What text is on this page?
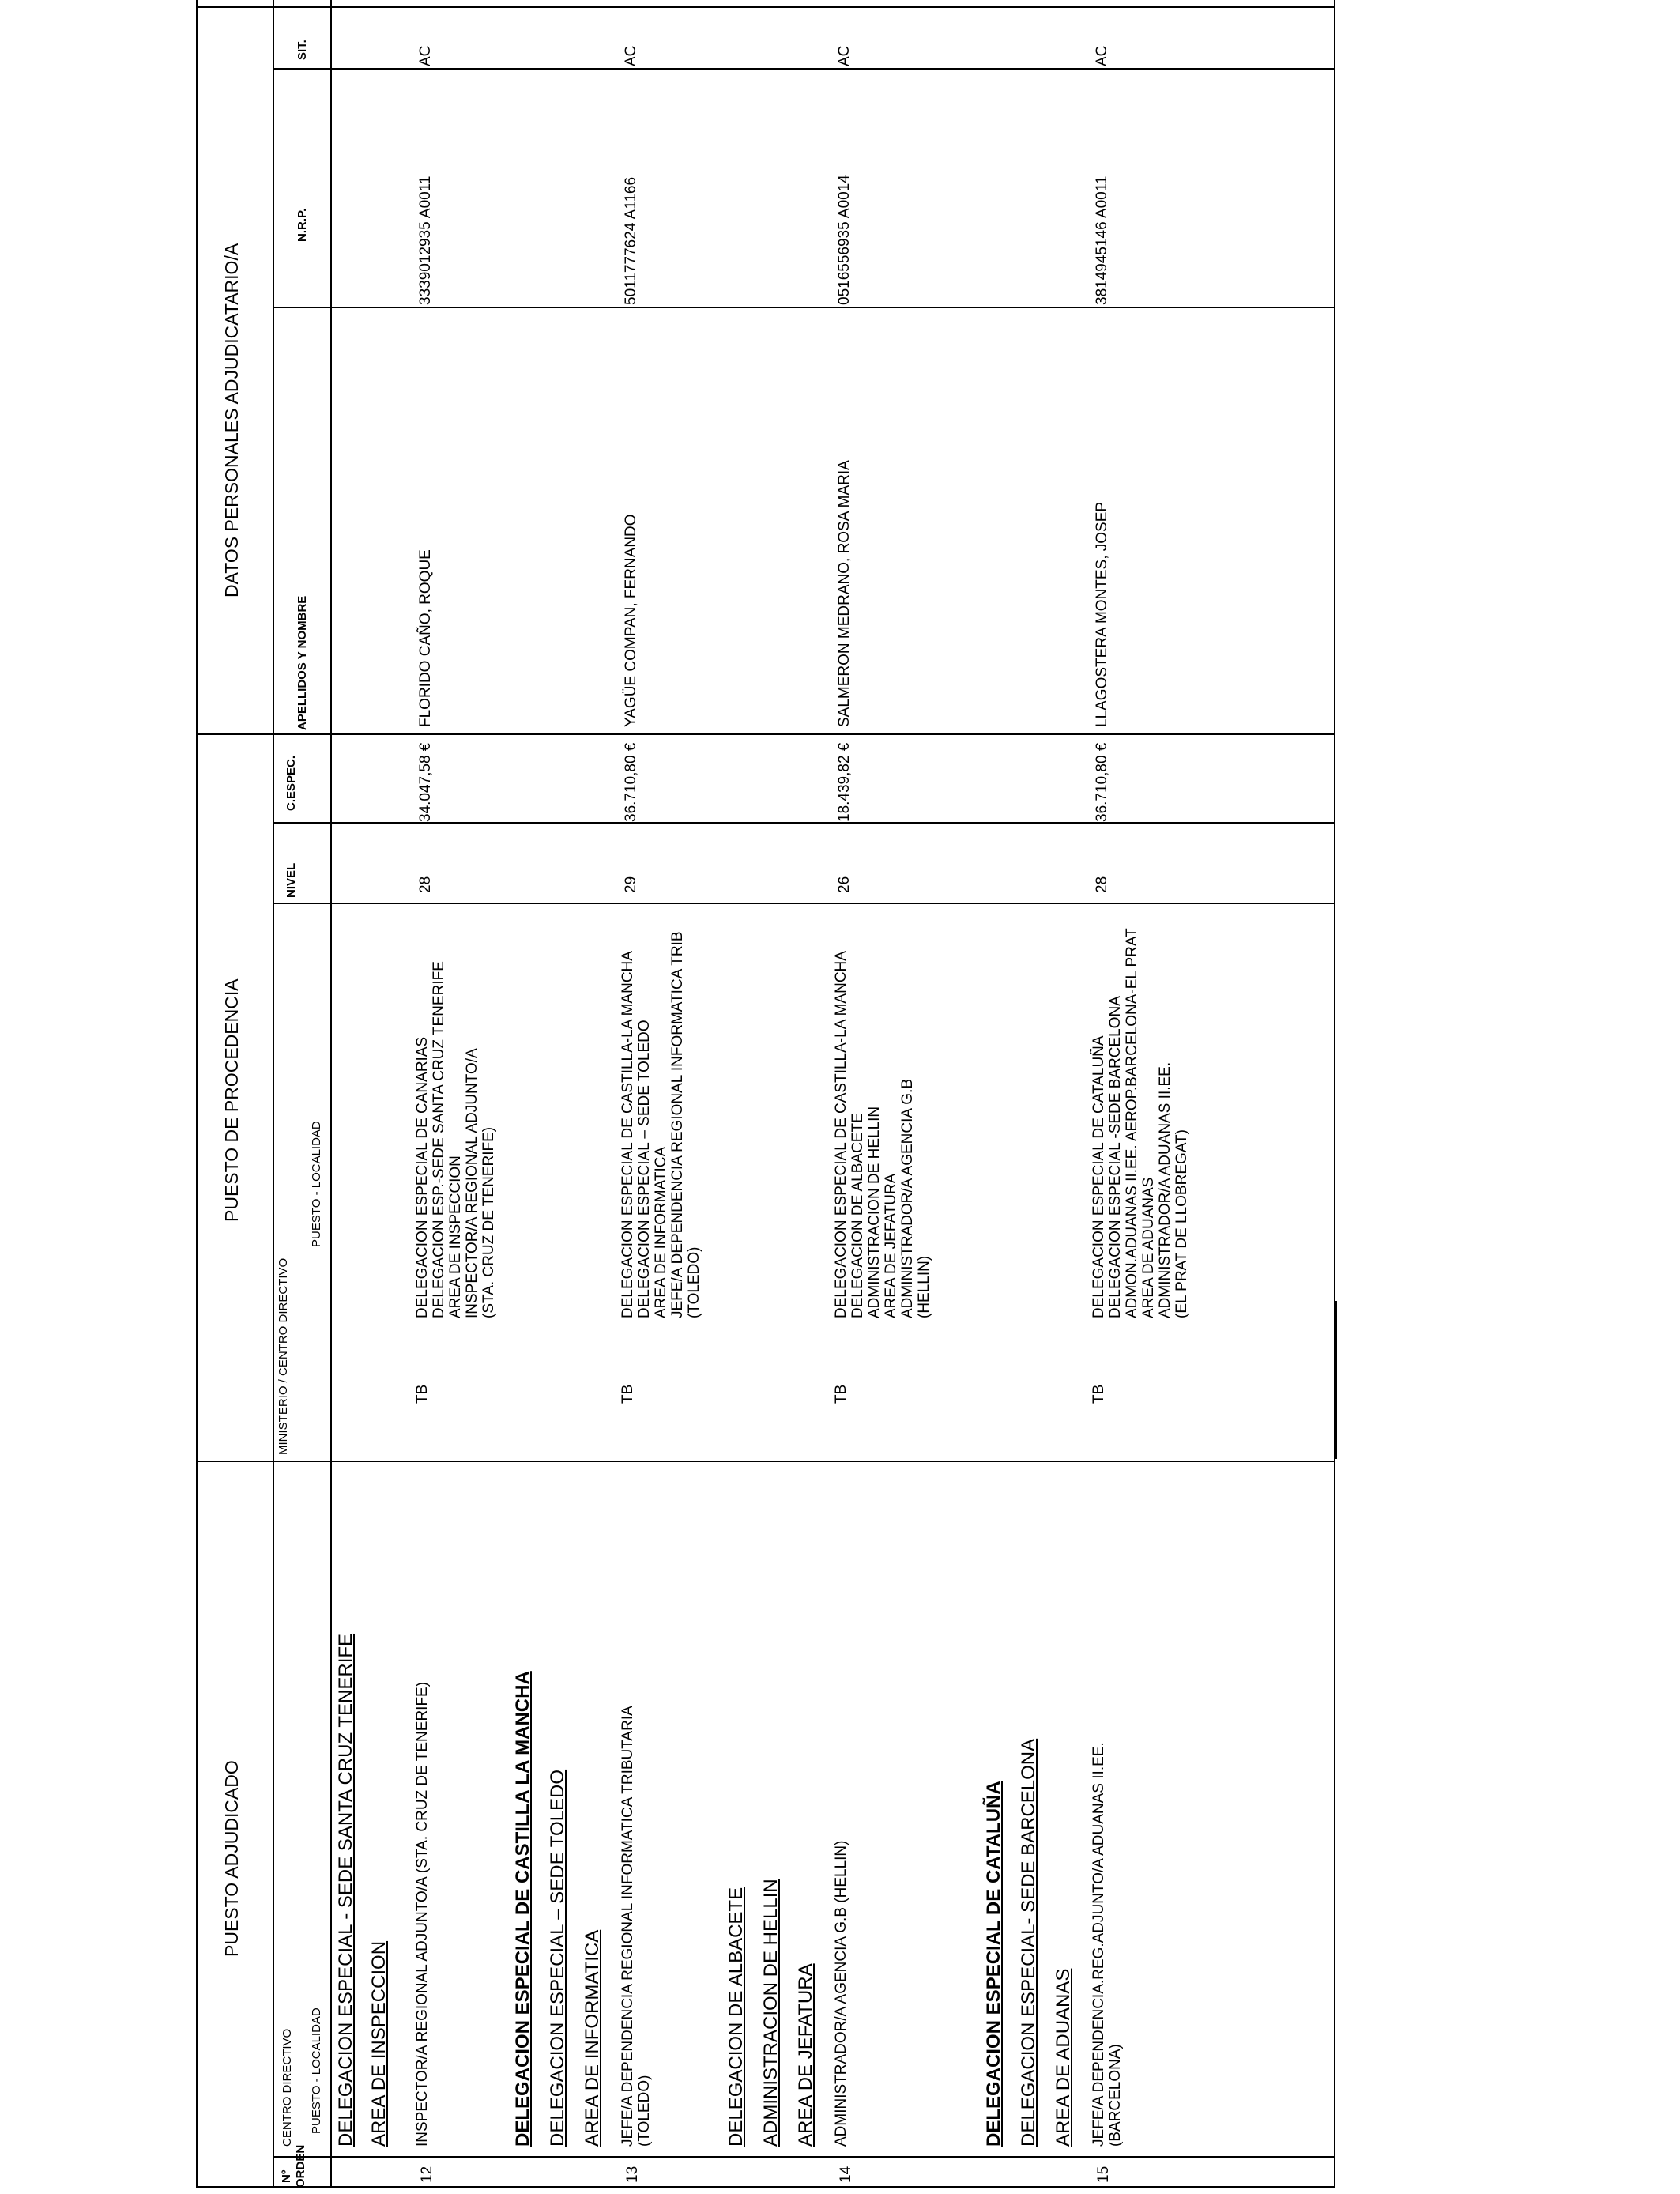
PUESTO ADJUDICADO
PUESTO DE PROCEDENCIA
DATOS PERSONALES ADJUDICATARIO/A
Nº ORDEN
CENTRO DIRECTIVO PUESTO - LOCALIDAD
MINISTERIO / CENTRO DIRECTIVO
PUESTO - LOCALIDAD
NIVEL
C.ESPEC.
APELLIDOS Y NOMBRE
N.R.P.
SIT.
DELEGACION ESPECIAL - SEDE SANTA CRUZ TENERIFE AREA DE INSPECCION
12
INSPECTOR/A REGIONAL ADJUNTO/A (STA. CRUZ DE TENERIFE)
TB
DELEGACION ESPECIAL DE CANARIAS
DELEGACION ESP.-SEDE SANTA CRUZ TENERIFE
AREA DE INSPECCION
INSPECTOR/A REGIONAL ADJUNTO/A
(STA. CRUZ DE TENERIFE)
28
34.047,58 €
FLORIDO CAÑO, ROQUE
3339012935 A0011
AC
DELEGACION ESPECIAL DE CASTILLA LA MANCHA DELEGACION ESPECIAL – SEDE TOLEDO AREA DE INFORMATICA
13
JEFE/A DEPENDENCIA REGIONAL INFORMATICA TRIBUTARIA
(TOLEDO)
TB
DELEGACION ESPECIAL DE CASTILLA-LA MANCHA
DELEGACION ESPECIAL – SEDE TOLEDO
AREA DE INFORMATICA
JEFE/A DEPENDENCIA REGIONAL INFORMATICA TRIB
(TOLEDO)
29
36.710,80 €
YAGÜE COMPAN, FERNANDO
5011777624 A1166
AC
DELEGACION DE ALBACETE ADMINISTRACION DE HELLIN AREA DE JEFATURA
14
ADMINISTRADOR/A AGENCIA G.B (HELLIN)
TB
DELEGACION ESPECIAL DE CASTILLA-LA MANCHA
DELEGACION DE ALBACETE
ADMINISTRACION DE HELLIN
AREA DE JEFATURA
ADMINISTRADOR/A AGENCIA G.B
(HELLIN)
26
18.439,82 €
SALMERON MEDRANO, ROSA MARIA
0516556935 A0014
AC
DELEGACION ESPECIAL DE CATALUÑA DELEGACION ESPECIAL- SEDE BARCELONA AREA DE ADUANAS
15
JEFE/A DEPENDENCIA.REG.ADJUNTO/A ADUANAS II.EE.
(BARCELONA)
TB
DELEGACION ESPECIAL DE CATALUÑA
DELEGACION ESPECIAL -SEDE BARCELONA
ADMON.ADUANAS II.EE. AEROP.BARCELONA-EL PRAT
AREA DE ADUANAS
ADMINISTRADOR/A ADUANAS II.EE.
(EL PRAT DE LLOBREGAT)
28
36.710,80 €
LLAGOSTERA MONTES, JOSEP
3814945146 A0011
AC
